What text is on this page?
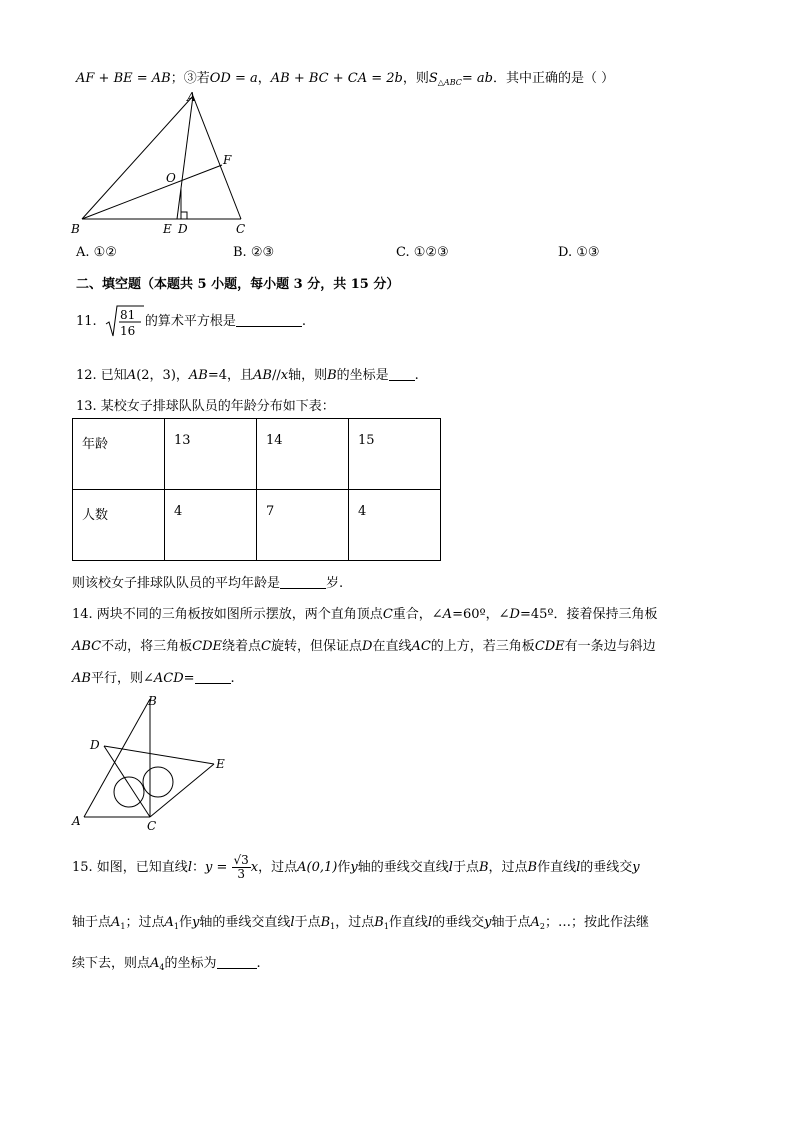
AF + BE = AB；③若OD = a，AB + BC + CA = 2b，则$S_{\triangle ABC}=$ ab．其中正确的是（ ）
A
B	C
D
E
F
O
A. ①②	B. ②③	C. ①②③	D. ①③
二、填空题（本题共 5 小题，每小题 3 分，共 15 分）
11. 81
16
的算术平方根是	.
12. 已知A(2，3)，AB=4，且AB//x轴，则B的坐标是 .
13. 某校女子排球队队员的年龄分布如下表：
年龄	13	14	15
人数	4	7	4
则该校女子排球队队员的平均年龄是	岁.
14. 两块不同的三角板按如图所示摆放，两个直角顶点C重合，∠A=60º，∠D=45º．接着保持三角板
ABC不动，将三角板CDE绕着点C旋转，但保证点D在直线AC的上方，若三角板CDE有一条边与斜边
AB平行，则∠ACD=	.
B
D
E
A	C
15. 如图，已知直线l：$y = \frac{√3}{3}$ x，过点A(0,1)作y轴的垂线交直线l于点B，过点B作直线l的垂线交y
轴于点$A_1$；过点$A_1$作y轴的垂线交直线l于点$B_1$，过点$B_1$作直线l的垂线交y轴于点$A_2$；…；按此作法继
续下去，则点$A_4$的坐标为	.
